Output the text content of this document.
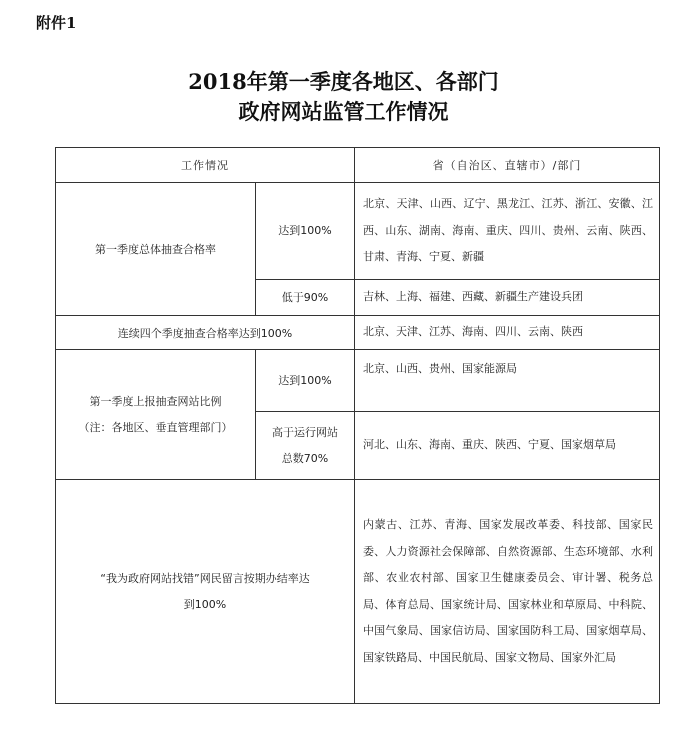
附件1
2018年第一季度各地区、各部门
政府网站监管工作情况
工作情况		省（自治区、直辖市）/部门
第一季度总体抽查合格率	达到100%	北京、天津、山西、辽宁、黑龙江、江苏、浙江、安徽、江西、山东、湖南、海南、重庆、四川、贵州、云南、陕西、甘肃、青海、宁夏、新疆
	低于90%	吉林、上海、福建、西藏、新疆生产建设兵团
连续四个季度抽查合格率达到100%		北京、天津、江苏、海南、四川、云南、陕西

第一季度上报抽查网站比例
（注：各地区、垂直管理部门）	达到100%	北京、山西、贵州、国家能源局

	高于运行网站
总数70%	河北、山东、海南、重庆、陕西、宁夏、国家烟草局

“我为政府网站找错”网民留言按期办结率达
到100%		内蒙古、江苏、青海、国家发展改革委、科技部、国家民委、人力资源社会保障部、自然资源部、生态环境部、水利部、农业农村部、国家卫生健康委员会、审计署、税务总局、体育总局、国家统计局、国家林业和草原局、中科院、中国气象局、国家信访局、国家国防科工局、国家烟草局、国家铁路局、中国民航局、国家文物局、国家外汇局
